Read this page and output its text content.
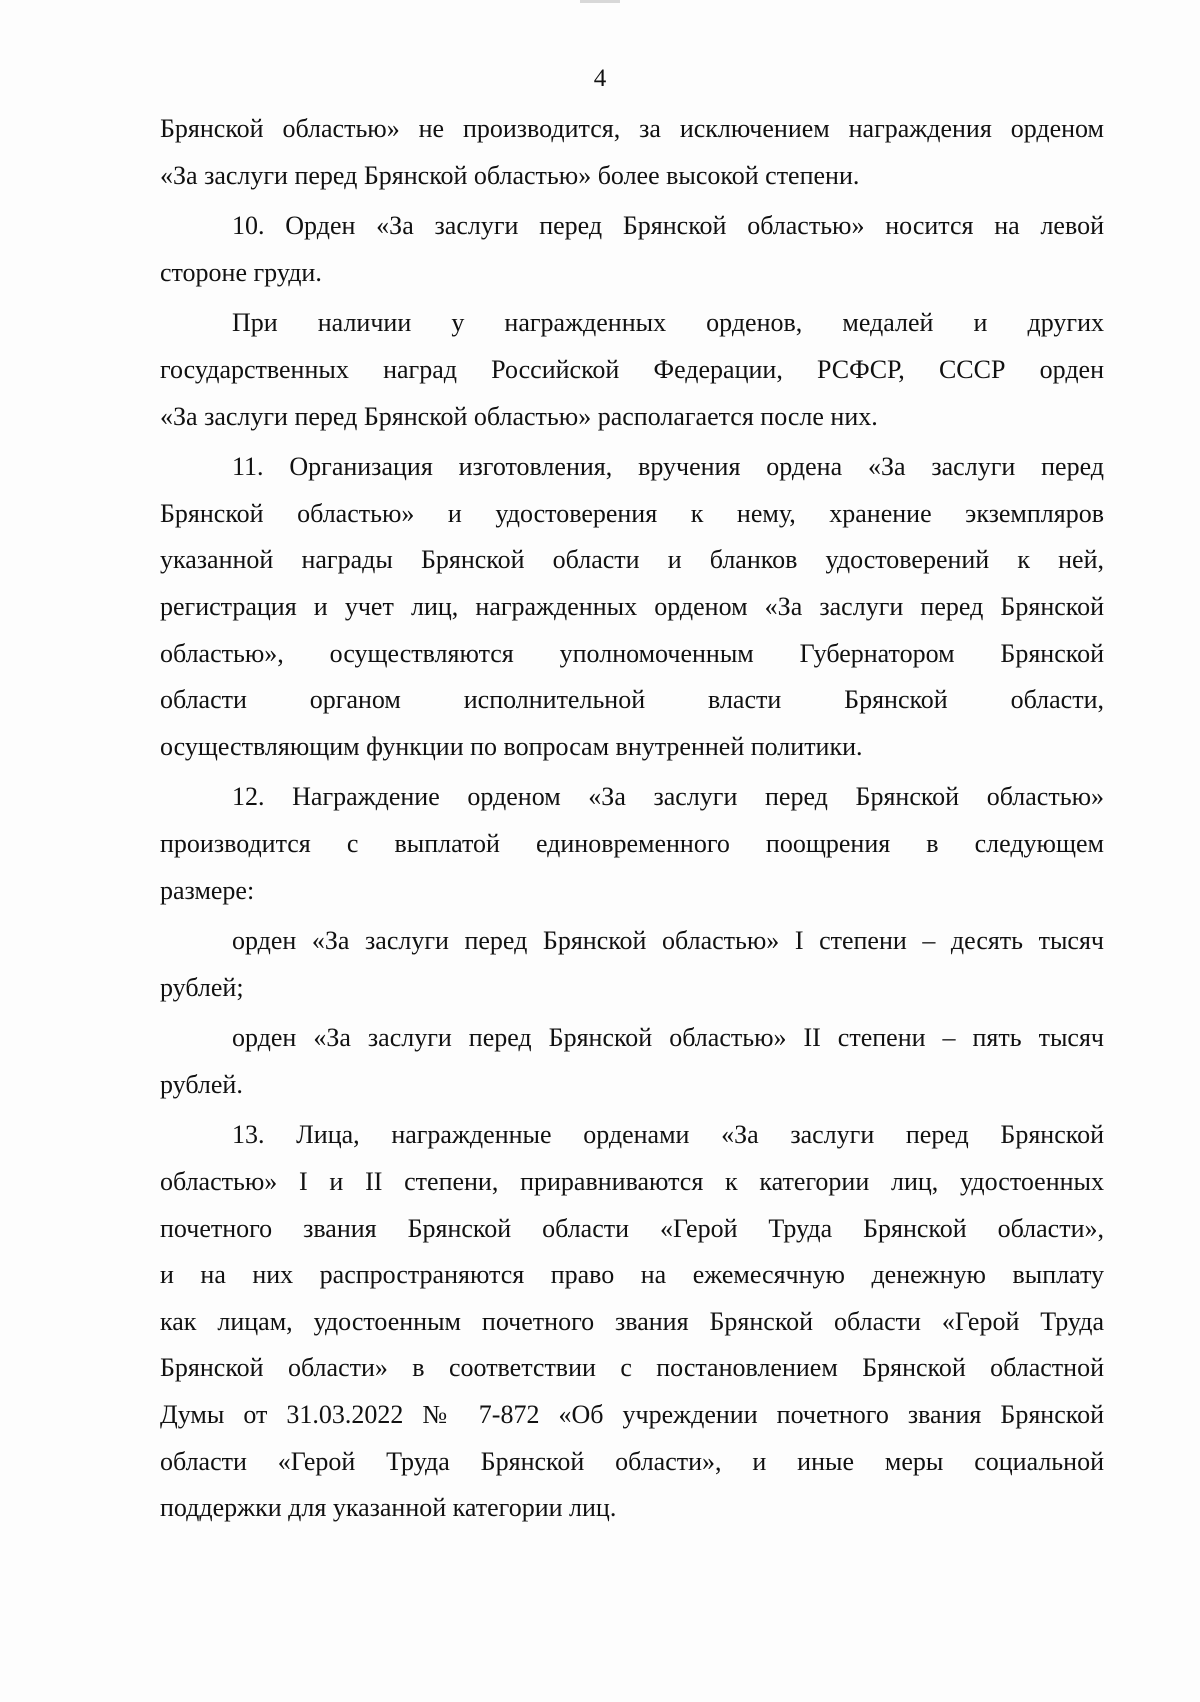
4
Брянской областью» не производится, за исключением награждения орденом
«За заслуги перед Брянской областью» более высокой степени.
10. Орден «За заслуги перед Брянской областью» носится на левой
стороне груди.
При наличии у награжденных орденов, медалей и других
государственных наград Российской Федерации, РСФСР, СССР орден
«За заслуги перед Брянской областью» располагается после них.
11. Организация изготовления, вручения ордена «За заслуги перед
Брянской областью» и удостоверения к нему, хранение экземпляров
указанной награды Брянской области и бланков удостоверений к ней,
регистрация и учет лиц, награжденных орденом «За заслуги перед Брянской
областью», осуществляются уполномоченным Губернатором Брянской
области органом исполнительной власти Брянской области,
осуществляющим функции по вопросам внутренней политики.
12. Награждение орденом «За заслуги перед Брянской областью»
производится с выплатой единовременного поощрения в следующем
размере:
орден «За заслуги перед Брянской областью» I степени – десять тысяч
рублей;
орден «За заслуги перед Брянской областью» II степени – пять тысяч
рублей.
13. Лица, награжденные орденами «За заслуги перед Брянской
областью» I и II степени, приравниваются к категории лиц, удостоенных
почетного звания Брянской области «Герой Труда Брянской области»,
и на них распространяются право на ежемесячную денежную выплату
как лицам, удостоенным почетного звания Брянской области «Герой Труда
Брянской области» в соответствии с постановлением Брянской областной
Думы от 31.03.2022 № 7-872 «Об учреждении почетного звания Брянской
области «Герой Труда Брянской области», и иные меры социальной
поддержки для указанной категории лиц.
